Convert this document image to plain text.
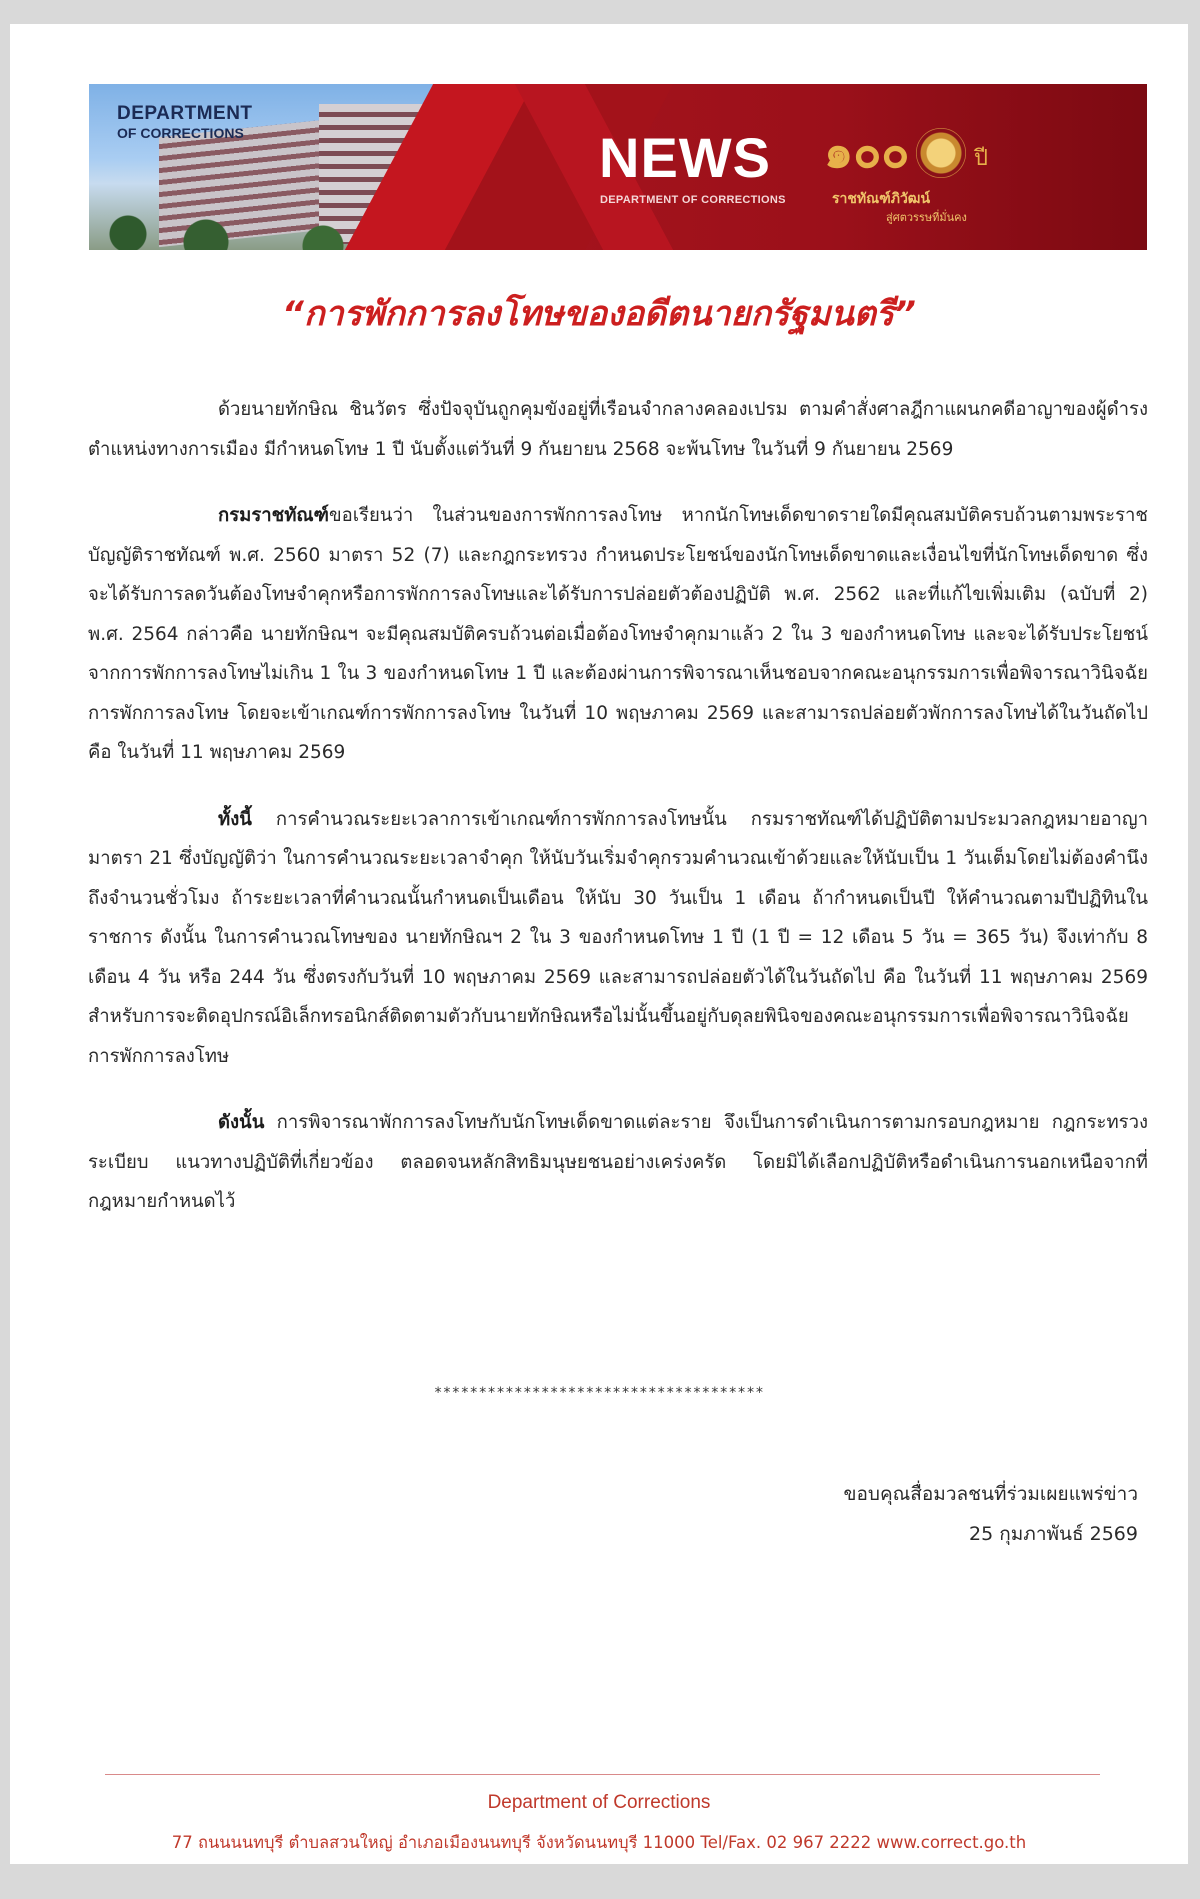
DEPARTMENT
OF CORRECTIONS	NEWS
DEPARTMENT OF CORRECTIONS
๑๐๐	ปี
ราชทัณฑ์ภิวัฒน์
สู่ศตวรรษที่มั่นคง
“การพักการลงโทษของอดีตนายกรัฐมนตรี”

ด้วยนายทักษิณ ชินวัตร ซึ่งปัจจุบันถูกคุมขังอยู่ที่เรือนจำกลางคลองเปรม ตามคำสั่งศาลฎีกาแผนกคดีอาญาของผู้ดำรงตำแหน่งทางการเมือง มีกำหนดโทษ 1 ปี นับตั้งแต่วันที่ 9 กันยายน 2568 จะพ้นโทษ ในวันที่ 9 กันยายน 2569

กรมราชทัณฑ์ขอเรียนว่า ในส่วนของการพักการลงโทษ หากนักโทษเด็ดขาดรายใดมีคุณสมบัติครบถ้วนตามพระราชบัญญัติราชทัณฑ์ พ.ศ. 2560 มาตรา 52 (7) และกฎกระทรวง กำหนดประโยชน์ของนักโทษเด็ดขาดและเงื่อนไขที่นักโทษเด็ดขาด ซึ่งจะได้รับการลดวันต้องโทษจำคุกหรือการพักการลงโทษและได้รับการปล่อยตัวต้องปฏิบัติ พ.ศ. 2562 และที่แก้ไขเพิ่มเติม (ฉบับที่ 2) พ.ศ. 2564 กล่าวคือ นายทักษิณฯ จะมีคุณสมบัติครบถ้วนต่อเมื่อต้องโทษจำคุกมาแล้ว 2 ใน 3 ของกำหนดโทษ และจะได้รับประโยชน์จากการพักการลงโทษไม่เกิน 1 ใน 3 ของกำหนดโทษ 1 ปี และต้องผ่านการพิจารณาเห็นชอบจากคณะอนุกรรมการเพื่อพิจารณาวินิจฉัยการพักการลงโทษ โดยจะเข้าเกณฑ์การพักการลงโทษ ในวันที่ 10 พฤษภาคม 2569 และสามารถปล่อยตัวพักการลงโทษได้ในวันถัดไปคือ ในวันที่ 11 พฤษภาคม 2569

ทั้งนี้ การคำนวณระยะเวลาการเข้าเกณฑ์การพักการลงโทษนั้น กรมราชทัณฑ์ได้ปฏิบัติตามประมวลกฎหมายอาญา มาตรา 21 ซึ่งบัญญัติว่า ในการคำนวณระยะเวลาจำคุก ให้นับวันเริ่มจำคุกรวมคำนวณเข้าด้วยและให้นับเป็น 1 วันเต็มโดยไม่ต้องคำนึงถึงจำนวนชั่วโมง ถ้าระยะเวลาที่คำนวณนั้นกำหนดเป็นเดือน ให้นับ 30 วันเป็น 1 เดือน ถ้ากำหนดเป็นปี ให้คำนวณตามปีปฏิทินในราชการ ดังนั้น ในการคำนวณโทษของ นายทักษิณฯ 2 ใน 3 ของกำหนดโทษ 1 ปี (1 ปี = 12 เดือน 5 วัน = 365 วัน) จึงเท่ากับ 8 เดือน 4 วัน หรือ 244 วัน ซึ่งตรงกับวันที่ 10 พฤษภาคม 2569 และสามารถปล่อยตัวได้ในวันถัดไป คือ ในวันที่ 11 พฤษภาคม 2569 สำหรับการจะติดอุปกรณ์อิเล็กทรอนิกส์ติดตามตัวกับนายทักษิณหรือไม่นั้นขึ้นอยู่กับดุลยพินิจของคณะอนุกรรมการเพื่อพิจารณาวินิจฉัยการพักการลงโทษ

ดังนั้น การพิจารณาพักการลงโทษกับนักโทษเด็ดขาดแต่ละราย จึงเป็นการดำเนินการตามกรอบกฎหมาย กฎกระทรวง ระเบียบ แนวทางปฏิบัติที่เกี่ยวข้อง ตลอดจนหลักสิทธิมนุษยชนอย่างเคร่งครัด โดยมิได้เลือกปฏิบัติหรือดำเนินการนอกเหนือจากที่กฎหมายกำหนดไว้

*************************************
ขอบคุณสื่อมวลชนที่ร่วมเผยแพร่ข่าว
25 กุมภาพันธ์ 2569
Department of Corrections
77 ถนนนนทบุรี ตำบลสวนใหญ่ อำเภอเมืองนนทบุรี จังหวัดนนทบุรี 11000 Tel/Fax. 02 967 2222 www.correct.go.th
